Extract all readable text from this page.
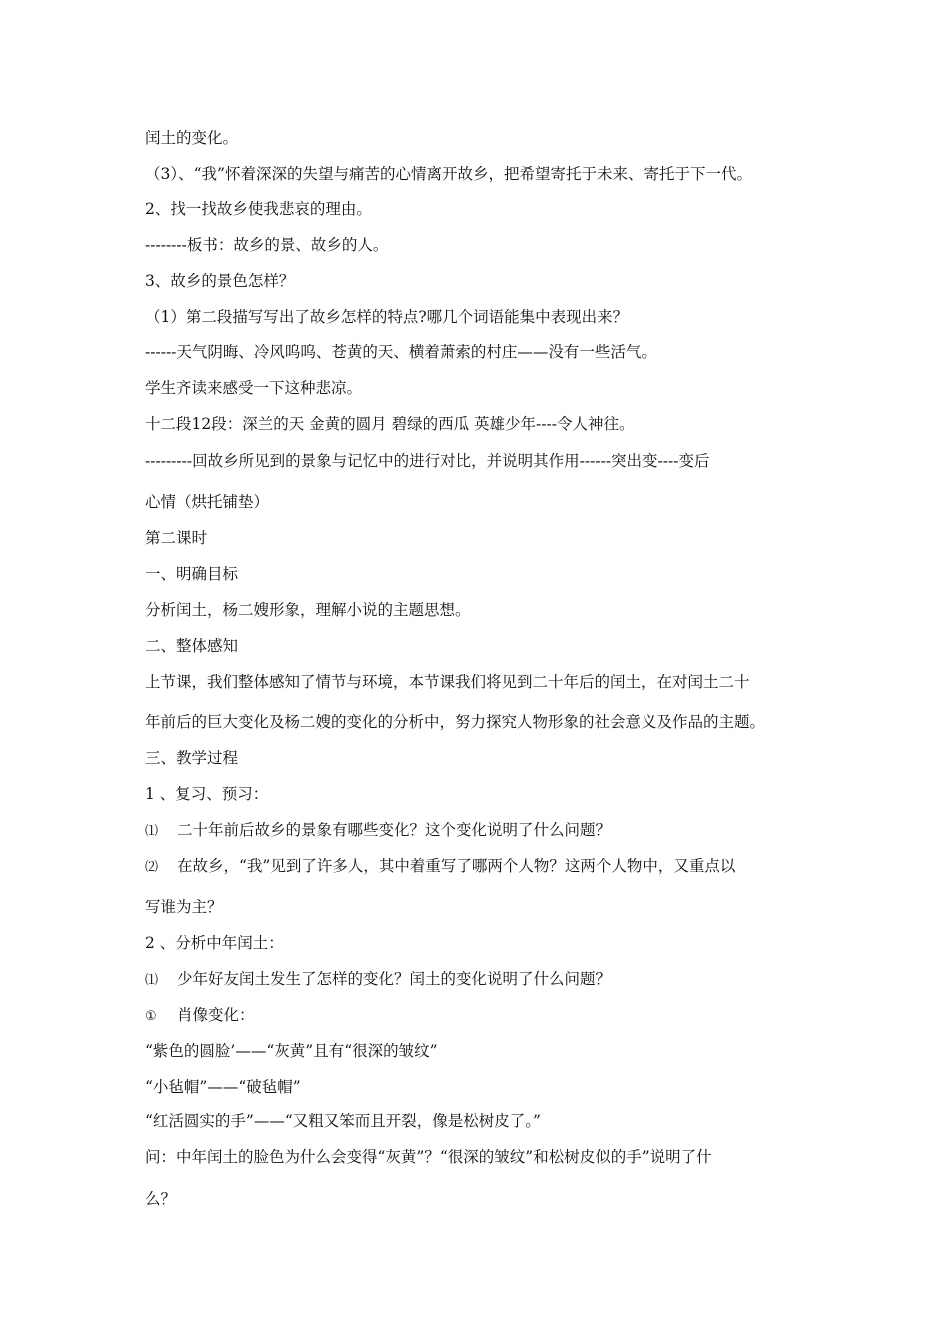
闰土的变化。
（3）、“我”怀着深深的失望与痛苦的心情离开故乡，把希望寄托于未来、寄托于下一代。
2、找一找故乡使我悲哀的理由。
--------板书：故乡的景、故乡的人。
3、故乡的景色怎样？
（1）第二段描写写出了故乡怎样的特点?哪几个词语能集中表现出来？
------天气阴晦、冷风呜呜、苍黄的天、横着萧索的村庄——没有一些活气。
学生齐读来感受一下这种悲凉。
十二段12段：深兰的天 金黄的圆月 碧绿的西瓜 英雄少年----令人神往。
---------回故乡所见到的景象与记忆中的进行对比，并说明其作用------突出变----变后
心情（烘托铺垫）
第二课时
一、明确目标
分析闰土，杨二嫂形象，理解小说的主题思想。
二、整体感知
上节课，我们整体感知了情节与环境，本节课我们将见到二十年后的闰土，在对闰土二十
年前后的巨大变化及杨二嫂的变化的分析中，努力探究人物形象的社会意义及作品的主题。
三、教学过程
1 、复习、预习：
⑴ 二十年前后故乡的景象有哪些变化？这个变化说明了什么问题？
⑵ 在故乡，“我”见到了许多人，其中着重写了哪两个人物？这两个人物中，又重点以
写谁为主？
2 、分析中年闰土：
⑴ 少年好友闰土发生了怎样的变化？闰土的变化说明了什么问题？
① 肖像变化：
“紫色的圆脸’——“灰黄”且有“很深的皱纹”
“小毡帽”——“破毡帽”
“红活圆实的手”——“又粗又笨而且开裂，像是松树皮了。”
问：中年闰土的脸色为什么会变得“灰黄”？“很深的皱纹”和松树皮似的手”说明了什
么？
